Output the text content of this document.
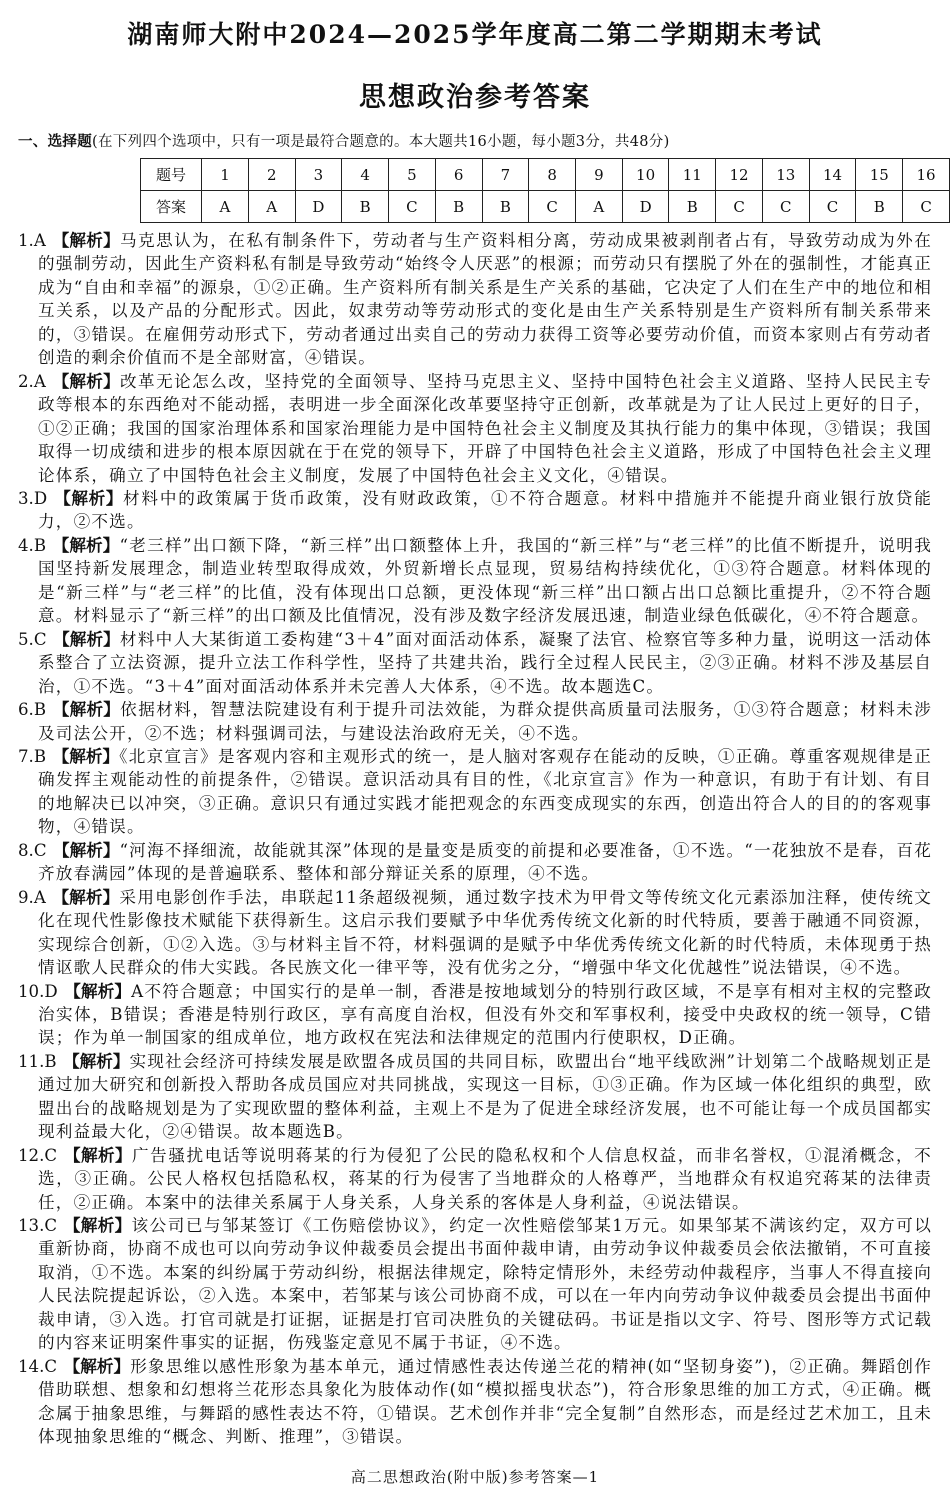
湖南师大附中2024—2025学年度高二第二学期期末考试
思想政治参考答案
一、选择题(在下列四个选项中，只有一项是最符合题意的。本大题共16小题，每小题3分，共48分)
题号	1	2	3	4	5	6	7	8	9	10	11	12	13	14	15	16
答案	A	A	D	B	C	B	B	C	A	D	B	C	C	C	B	C
1.A 【解析】马克思认为，在私有制条件下，劳动者与生产资料相分离，劳动成果被剥削者占有，导致劳动成为外在的强制劳动，因此生产资料私有制是导致劳动“始终令人厌恶”的根源；而劳动只有摆脱了外在的强制性，才能真正成为“自由和幸福”的源泉，①②正确。生产资料所有制关系是生产关系的基础，它决定了人们在生产中的地位和相互关系，以及产品的分配形式。因此，奴隶劳动等劳动形式的变化是由生产关系特别是生产资料所有制关系带来的，③错误。在雇佣劳动形式下，劳动者通过出卖自己的劳动力获得工资等必要劳动价值，而资本家则占有劳动者创造的剩余价值而不是全部财富，④错误。
2.A 【解析】改革无论怎么改，坚持党的全面领导、坚持马克思主义、坚持中国特色社会主义道路、坚持人民民主专政等根本的东西绝对不能动摇，表明进一步全面深化改革要坚持守正创新，改革就是为了让人民过上更好的日子，①②正确；我国的国家治理体系和国家治理能力是中国特色社会主义制度及其执行能力的集中体现，③错误；我国取得一切成绩和进步的根本原因就在于在党的领导下，开辟了中国特色社会主义道路，形成了中国特色社会主义理论体系，确立了中国特色社会主义制度，发展了中国特色社会主义文化，④错误。
3.D 【解析】材料中的政策属于货币政策，没有财政政策，①不符合题意。材料中措施并不能提升商业银行放贷能力，②不选。
4.B 【解析】“老三样”出口额下降，“新三样”出口额整体上升，我国的“新三样”与“老三样”的比值不断提升，说明我国坚持新发展理念，制造业转型取得成效，外贸新增长点显现，贸易结构持续优化，①③符合题意。材料体现的是“新三样”与“老三样”的比值，没有体现出口总额，更没体现“新三样”出口额占出口总额比重提升，②不符合题意。材料显示了“新三样”的出口额及比值情况，没有涉及数字经济发展迅速，制造业绿色低碳化，④不符合题意。
5.C 【解析】材料中人大某街道工委构建“3＋4”面对面活动体系，凝聚了法官、检察官等多种力量，说明这一活动体系整合了立法资源，提升立法工作科学性，坚持了共建共治，践行全过程人民民主，②③正确。材料不涉及基层自治，①不选。“3＋4”面对面活动体系并未完善人大体系，④不选。故本题选C。
6.B 【解析】依据材料，智慧法院建设有利于提升司法效能，为群众提供高质量司法服务，①③符合题意；材料未涉及司法公开，②不选；材料强调司法，与建设法治政府无关，④不选。
7.B 【解析】《北京宣言》是客观内容和主观形式的统一，是人脑对客观存在能动的反映，①正确。尊重客观规律是正确发挥主观能动性的前提条件，②错误。意识活动具有目的性，《北京宣言》作为一种意识，有助于有计划、有目的地解决已以冲突，③正确。意识只有通过实践才能把观念的东西变成现实的东西，创造出符合人的目的的客观事物，④错误。
8.C 【解析】“河海不择细流，故能就其深”体现的是量变是质变的前提和必要准备，①不选。“一花独放不是春，百花齐放春满园”体现的是普遍联系、整体和部分辩证关系的原理，④不选。
9.A 【解析】采用电影创作手法，串联起11条超级视频，通过数字技术为甲骨文等传统文化元素添加注释，使传统文化在现代性影像技术赋能下获得新生。这启示我们要赋予中华优秀传统文化新的时代特质，要善于融通不同资源，实现综合创新，①②入选。③与材料主旨不符，材料强调的是赋予中华优秀传统文化新的时代特质，未体现勇于热情讴歌人民群众的伟大实践。各民族文化一律平等，没有优劣之分，“增强中华文化优越性”说法错误，④不选。
10.D 【解析】A不符合题意；中国实行的是单一制，香港是按地域划分的特别行政区域，不是享有相对主权的完整政治实体，B错误；香港是特别行政区，享有高度自治权，但没有外交和军事权利，接受中央政权的统一领导，C错误；作为单一制国家的组成单位，地方政权在宪法和法律规定的范围内行使职权，D正确。
11.B 【解析】实现社会经济可持续发展是欧盟各成员国的共同目标，欧盟出台“地平线欧洲”计划第二个战略规划正是通过加大研究和创新投入帮助各成员国应对共同挑战，实现这一目标，①③正确。作为区域一体化组织的典型，欧盟出台的战略规划是为了实现欧盟的整体利益，主观上不是为了促进全球经济发展，也不可能让每一个成员国都实现利益最大化，②④错误。故本题选B。
12.C 【解析】广告骚扰电话等说明蒋某的行为侵犯了公民的隐私权和个人信息权益，而非名誉权，①混淆概念，不选，③正确。公民人格权包括隐私权，蒋某的行为侵害了当地群众的人格尊严，当地群众有权追究蒋某的法律责任，②正确。本案中的法律关系属于人身关系，人身关系的客体是人身利益，④说法错误。
13.C 【解析】该公司已与邹某签订《工伤赔偿协议》，约定一次性赔偿邹某1万元。如果邹某不满该约定，双方可以重新协商，协商不成也可以向劳动争议仲裁委员会提出书面仲裁申请，由劳动争议仲裁委员会依法撤销，不可直接取消，①不选。本案的纠纷属于劳动纠纷，根据法律规定，除特定情形外，未经劳动仲裁程序，当事人不得直接向人民法院提起诉讼，②入选。本案中，若邹某与该公司协商不成，可以在一年内向劳动争议仲裁委员会提出书面仲裁申请，③入选。打官司就是打证据，证据是打官司决胜负的关键砝码。书证是指以文字、符号、图形等方式记载的内容来证明案件事实的证据，伤残鉴定意见不属于书证，④不选。
14.C 【解析】形象思维以感性形象为基本单元，通过情感性表达传递兰花的精神(如“坚韧身姿”)，②正确。舞蹈创作借助联想、想象和幻想将兰花形态具象化为肢体动作(如“模拟摇曳状态”)，符合形象思维的加工方式，④正确。概念属于抽象思维，与舞蹈的感性表达不符，①错误。艺术创作并非“完全复制”自然形态，而是经过艺术加工，且未体现抽象思维的“概念、判断、推理”，③错误。
高二思想政治(附中版)参考答案—1
